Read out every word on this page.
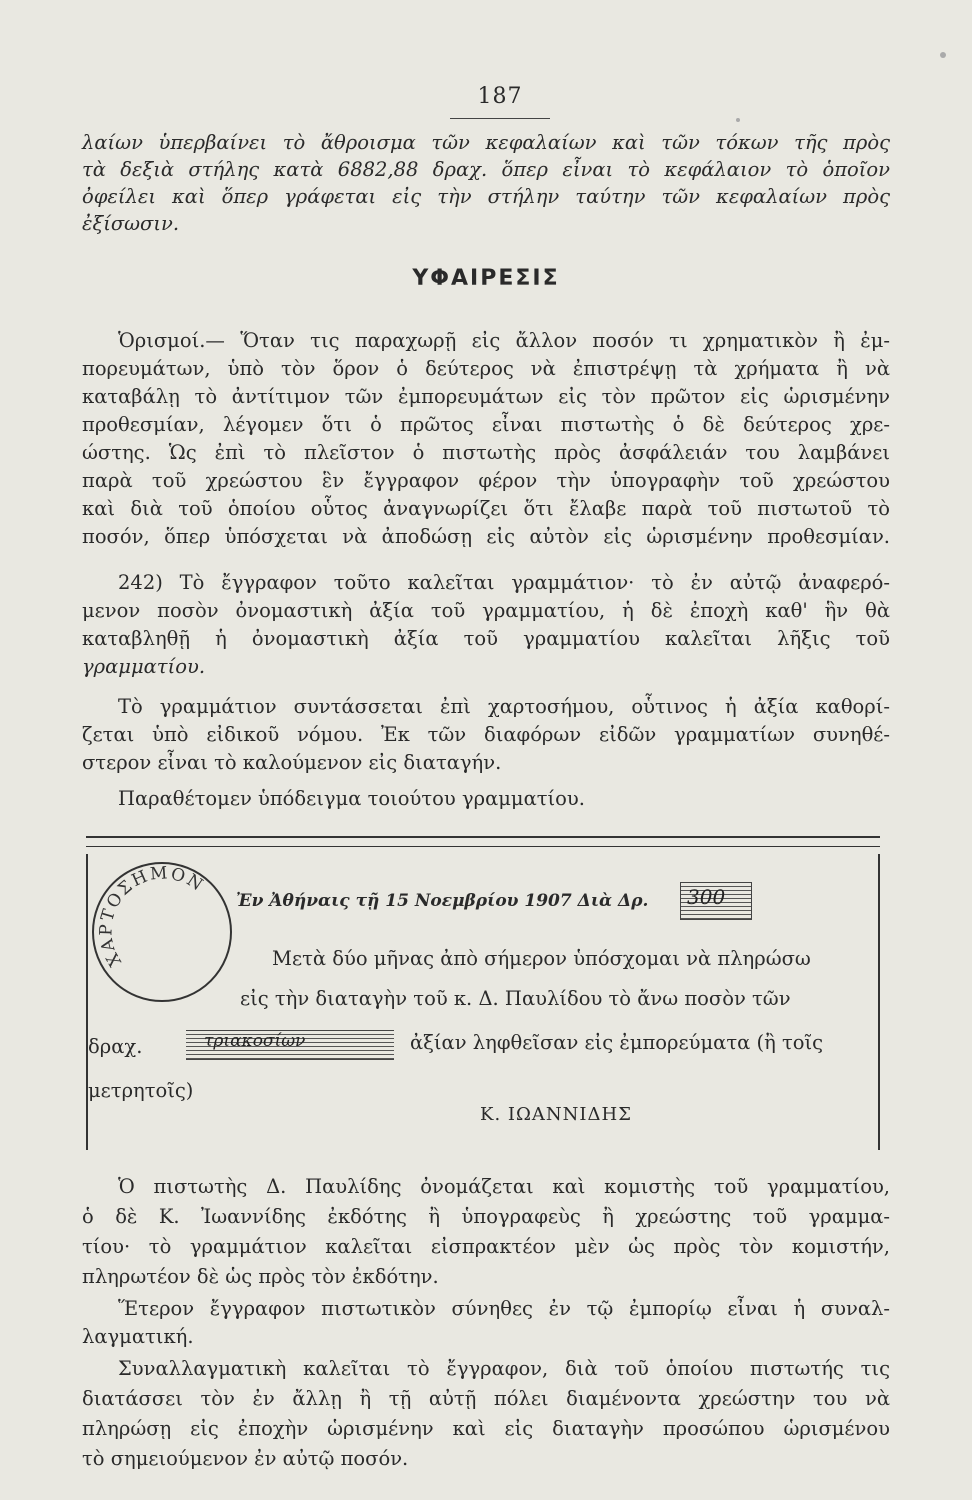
187
λαίων ὑπερβαίνει τὸ ἄθροισμα τῶν κεφαλαίων καὶ τῶν τόκων τῆς πρὸς
τὰ δεξιὰ στήλης κατὰ 6882,88 δραχ. ὅπερ εἶναι τὸ κεφάλαιον τὸ ὁποῖον
ὀφείλει καὶ ὅπερ γράφεται εἰς τὴν στήλην ταύτην τῶν κεφαλαίων πρὸς
ἐξίσωσιν.
ΥΦΑΙΡΕΣΙΣ
Ὁρισμοί.— Ὅταν τις παραχωρῇ εἰς ἄλλον ποσόν τι χρηματικὸν ἢ ἐμ-
πορευμάτων, ὑπὸ τὸν ὅρον ὁ δεύτερος νὰ ἐπιστρέψῃ τὰ χρήματα ἢ νὰ
καταβάλῃ τὸ ἀντίτιμον τῶν ἐμπορευμάτων εἰς τὸν πρῶτον εἰς ὡρισμένην
προθεσμίαν, λέγομεν ὅτι ὁ πρῶτος εἶναι πιστωτὴς ὁ δὲ δεύτερος χρε-
ώστης. Ὡς ἐπὶ τὸ πλεῖστον ὁ πιστωτὴς πρὸς ἀσφάλειάν του λαμβάνει
παρὰ τοῦ χρεώστου ἓν ἔγγραφον φέρον τὴν ὑπογραφὴν τοῦ χρεώστου
καὶ διὰ τοῦ ὁποίου οὗτος ἀναγνωρίζει ὅτι ἔλαβε παρὰ τοῦ πιστωτοῦ τὸ
ποσόν, ὅπερ ὑπόσχεται νὰ ἀποδώσῃ εἰς αὐτὸν εἰς ὡρισμένην προθεσμίαν.
242) Τὸ ἔγγραφον τοῦτο καλεῖται γραμμάτιον· τὸ ἐν αὐτῷ ἀναφερό-
μενον ποσὸν ὀνομαστικὴ ἀξία τοῦ γραμματίου, ἡ δὲ ἐποχὴ καθ' ἣν θὰ
καταβληθῇ ἡ ὀνομαστικὴ ἀξία τοῦ γραμματίου καλεῖται λῆξις τοῦ
γραμματίου.
Τὸ γραμμάτιον συντάσσεται ἐπὶ χαρτοσήμου, οὗτινος ἡ ἀξία καθορί-
ζεται ὑπὸ εἰδικοῦ νόμου. Ἐκ τῶν διαφόρων εἰδῶν γραμματίων συνηθέ-
στερον εἶναι τὸ καλούμενον εἰς διαταγήν.
Παραθέτομεν ὑπόδειγμα τοιούτου γραμματίου.
ΧΑΡΤΟΣΗΜΟΝ
Ἐν Ἀθήναις τῇ 15 Νοεμβρίου 1907 Διὰ Δρ. 300
Μετὰ δύο μῆνας ἀπὸ σήμερον ὑπόσχομαι νὰ πληρώσω
εἰς τὴν διαταγὴν τοῦ κ. Δ. Παυλίδου τὸ ἄνω ποσὸν τῶν
δραχ.	τριακοσίων	ἀξίαν ληφθεῖσαν εἰς ἐμπορεύματα (ἢ τοῖς
μετρητοῖς)
Κ. ΙΩΑΝΝΙΔΗΣ
Ὁ πιστωτὴς Δ. Παυλίδης ὀνομάζεται καὶ κομιστὴς τοῦ γραμματίου,
ὁ δὲ Κ. Ἰωαννίδης ἐκδότης ἢ ὑπογραφεὺς ἢ χρεώστης τοῦ γραμμα-
τίου· τὸ γραμμάτιον καλεῖται εἰσπρακτέον μὲν ὡς πρὸς τὸν κομιστήν,
πληρωτέον δὲ ὡς πρὸς τὸν ἐκδότην.
Ἕτερον ἔγγραφον πιστωτικὸν σύνηθες ἐν τῷ ἐμπορίῳ εἶναι ἡ συναλ-
λαγματική.
Συναλλαγματικὴ καλεῖται τὸ ἔγγραφον, διὰ τοῦ ὁποίου πιστωτής τις
διατάσσει τὸν ἐν ἄλλῃ ἢ τῇ αὐτῇ πόλει διαμένοντα χρεώστην του νὰ
πληρώσῃ εἰς ἐποχὴν ὡρισμένην καὶ εἰς διαταγὴν προσώπου ὡρισμένου
τὸ σημειούμενον ἐν αὐτῷ ποσόν.
